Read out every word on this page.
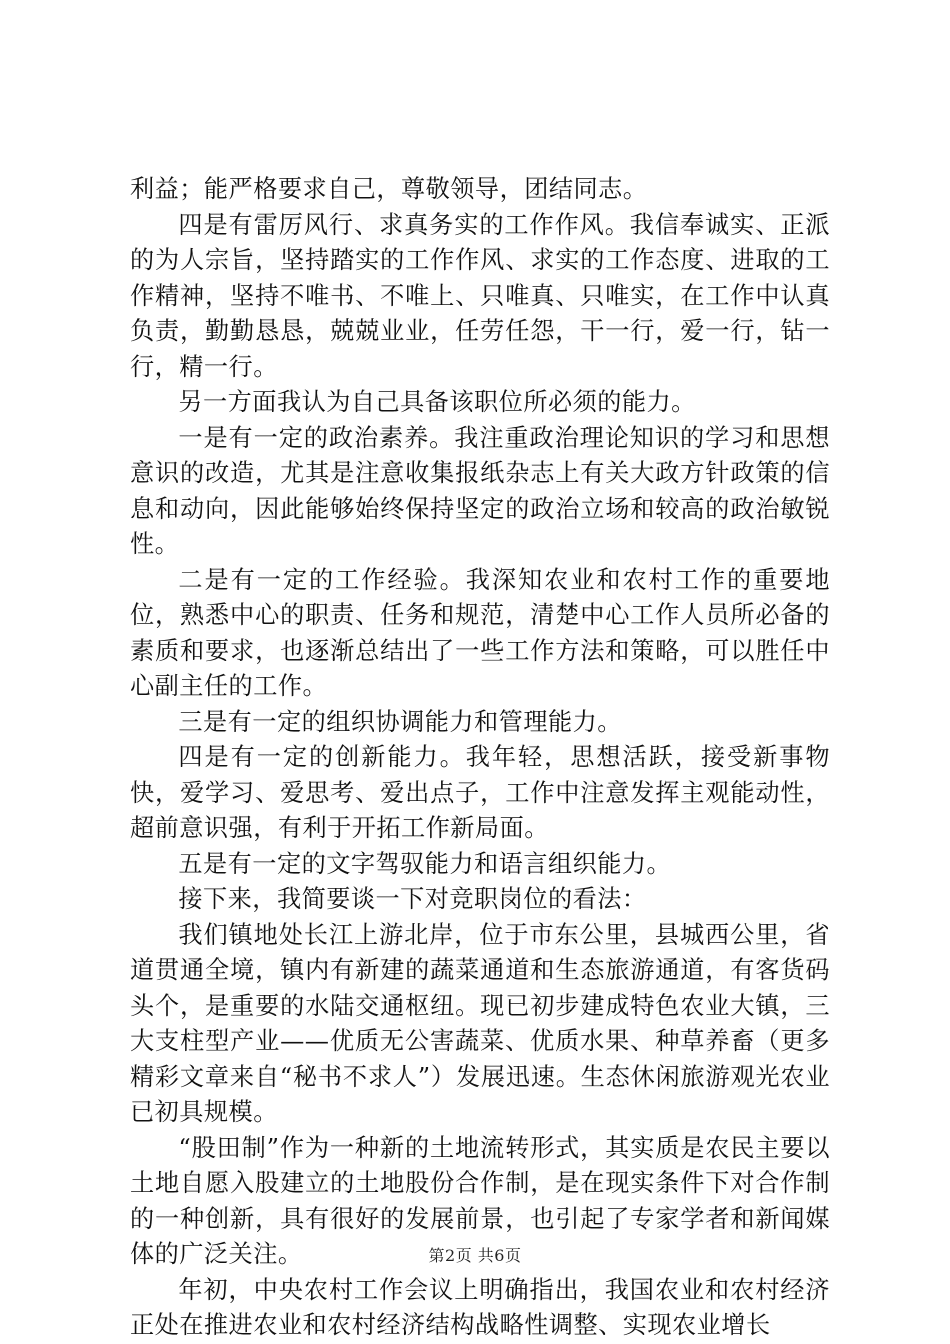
利益；能严格要求自己，尊敬领导，团结同志。

四是有雷厉风行、求真务实的工作作风。我信奉诚实、正派的为人宗旨，坚持踏实的工作作风、求实的工作态度、进取的工作精神，坚持不唯书、不唯上、只唯真、只唯实，在工作中认真负责，勤勤恳恳，兢兢业业，任劳任怨，干一行，爱一行，钻一行，精一行。

另一方面我认为自己具备该职位所必须的能力。

一是有一定的政治素养。我注重政治理论知识的学习和思想意识的改造，尤其是注意收集报纸杂志上有关大政方针政策的信息和动向，因此能够始终保持坚定的政治立场和较高的政治敏锐性。

二是有一定的工作经验。我深知农业和农村工作的重要地位，熟悉中心的职责、任务和规范，清楚中心工作人员所必备的素质和要求，也逐渐总结出了一些工作方法和策略，可以胜任中心副主任的工作。

三是有一定的组织协调能力和管理能力。

四是有一定的创新能力。我年轻，思想活跃，接受新事物快，爱学习、爱思考、爱出点子，工作中注意发挥主观能动性，超前意识强，有利于开拓工作新局面。

五是有一定的文字驾驭能力和语言组织能力。

接下来，我简要谈一下对竞职岗位的看法：

我们镇地处长江上游北岸，位于市东公里，县城西公里，省道贯通全境，镇内有新建的蔬菜通道和生态旅游通道，有客货码头个，是重要的水陆交通枢纽。现已初步建成特色农业大镇，三大支柱型产业——优质无公害蔬菜、优质水果、种草养畜（更多精彩文章来自“秘书不求人”）发展迅速。生态休闲旅游观光农业已初具规模。

“股田制”作为一种新的土地流转形式，其实质是农民主要以土地自愿入股建立的土地股份合作制，是在现实条件下对合作制的一种创新，具有很好的发展前景，也引起了专家学者和新闻媒体的广泛关注。

年初，中央农村工作会议上明确指出，我国农业和农村经济正处在推进农业和农村经济结构战略性调整、实现农业增长

第2页 共6页
